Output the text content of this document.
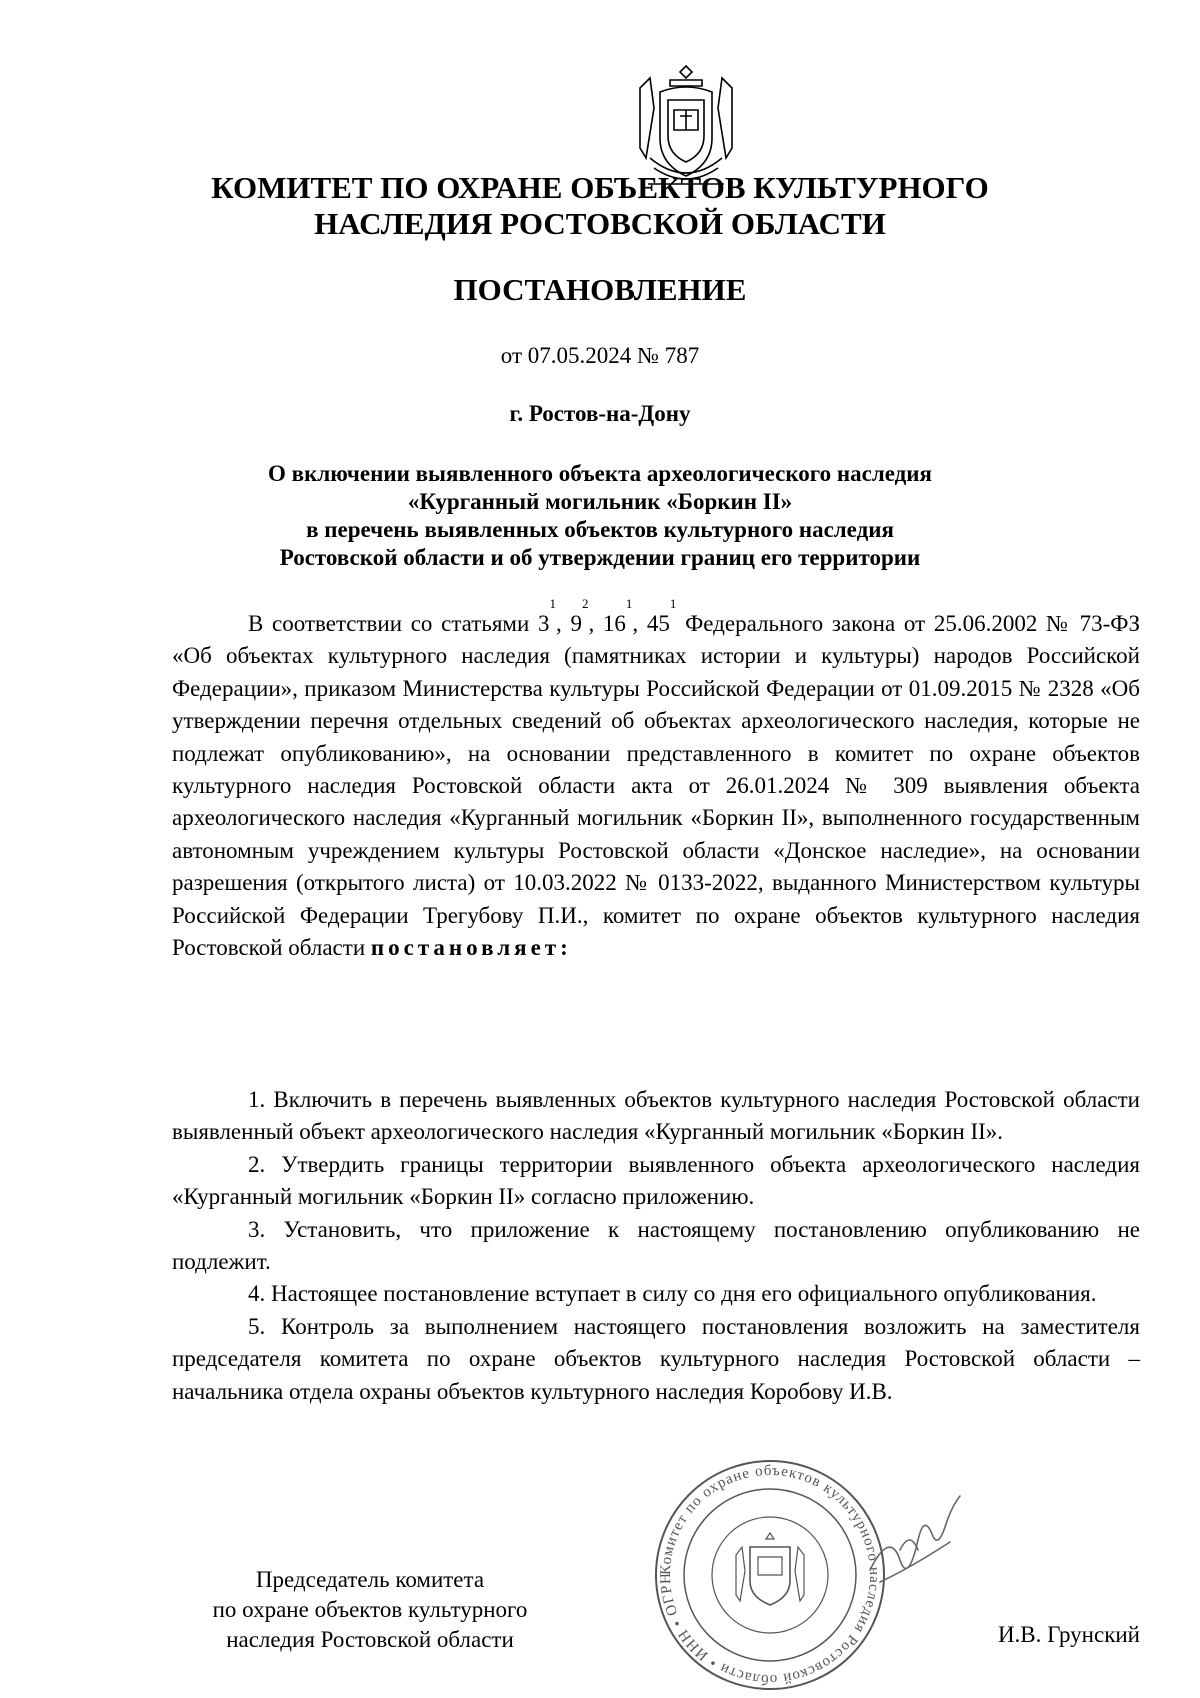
КОМИТЕТ ПО ОХРАНЕ ОБЪЕКТОВ КУЛЬТУРНОГО
НАСЛЕДИЯ РОСТОВСКОЙ ОБЛАСТИ
ПОСТАНОВЛЕНИЕ
от 07.05.2024 № 787
г. Ростов-на-Дону
О включении выявленного объекта археологического наследия
«Курганный могильник «Боркин II»
в перечень выявленных объектов культурного наследия
Ростовской области и об утверждении границ его территории

В соответствии со статьями $3^1$, $9^2$, $16^1$, $45^1$ Федерального закона от 25.06.2002 № 73-ФЗ «Об объектах культурного наследия (памятниках истории и культуры) народов Российской Федерации», приказом Министерства культуры Российской Федерации от 01.09.2015 № 2328 «Об утверждении перечня отдельных сведений об объектах археологического наследия, которые не подлежат опубликованию», на основании представленного в комитет по охране объектов культурного наследия Ростовской области акта от 26.01.2024 № 309 выявления объекта археологического наследия «Курганный могильник «Боркин II», выполненного государственным автономным учреждением культуры Ростовской области «Донское наследие», на основании разрешения (открытого листа) от 10.03.2022 № 0133-2022, выданного Министерством культуры Российской Федерации Трегубову П.И., комитет по охране объектов культурного наследия Ростовской области постановляет:

1. Включить в перечень выявленных объектов культурного наследия Ростовской области выявленный объект археологического наследия «Курганный могильник «Боркин II».

2. Утвердить границы территории выявленного объекта археологического наследия «Курганный могильник «Боркин II» согласно приложению.

3. Установить, что приложение к настоящему постановлению опубликованию не подлежит.

4. Настоящее постановление вступает в силу со дня его официального опубликования.

5. Контроль за выполнением настоящего постановления возложить на заместителя председателя комитета по охране объектов культурного наследия Ростовской области – начальника отдела охраны объектов культурного наследия Коробову И.В.

Комитет по охране объектов культурного наследия Ростовской области • ИНН • ОГРН
Председатель комитета
по охране объектов культурного
наследия Ростовской области	И.В. Грунский
